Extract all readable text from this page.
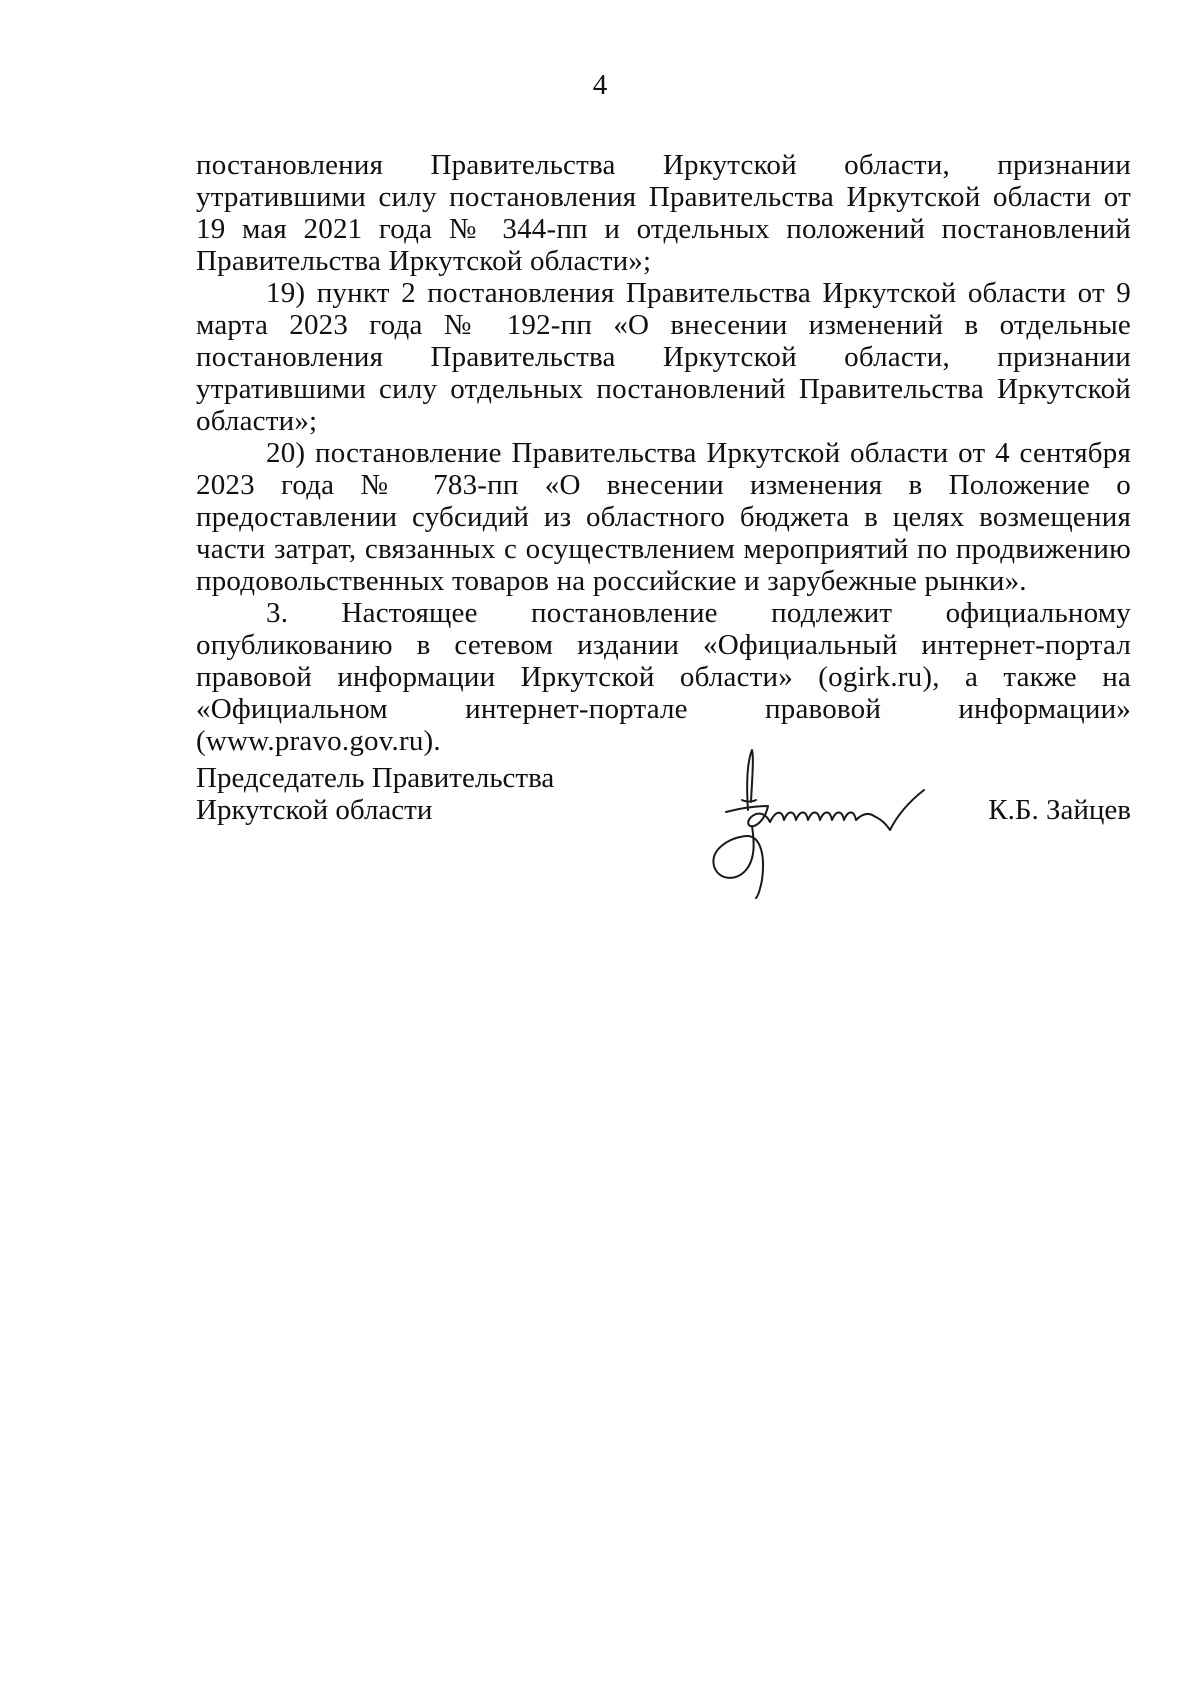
4

постановления Правительства Иркутской области, признании утратившими силу постановления Правительства Иркутской области от 19 мая 2021 года № 344-пп и отдельных положений постановлений Правительства Иркутской области»;

19) пункт 2 постановления Правительства Иркутской области от 9 марта 2023 года № 192-пп «О внесении изменений в отдельные постановления Правительства Иркутской области, признании утратившими силу отдельных постановлений Правительства Иркутской области»;

20) постановление Правительства Иркутской области от 4 сентября 2023 года № 783-пп «О внесении изменения в Положение о предоставлении субсидий из областного бюджета в целях возмещения части затрат, связанных с осуществлением мероприятий по продвижению продовольственных товаров на российские и зарубежные рынки».

3. Настоящее постановление подлежит официальному опубликованию в сетевом издании «Официальный интернет-портал правовой информации Иркутской области» (ogirk.ru), а также на «Официальном интернет-портале правовой информации» (www.pravo.gov.ru).

Председатель Правительства
Иркутской области	К.Б. Зайцев
